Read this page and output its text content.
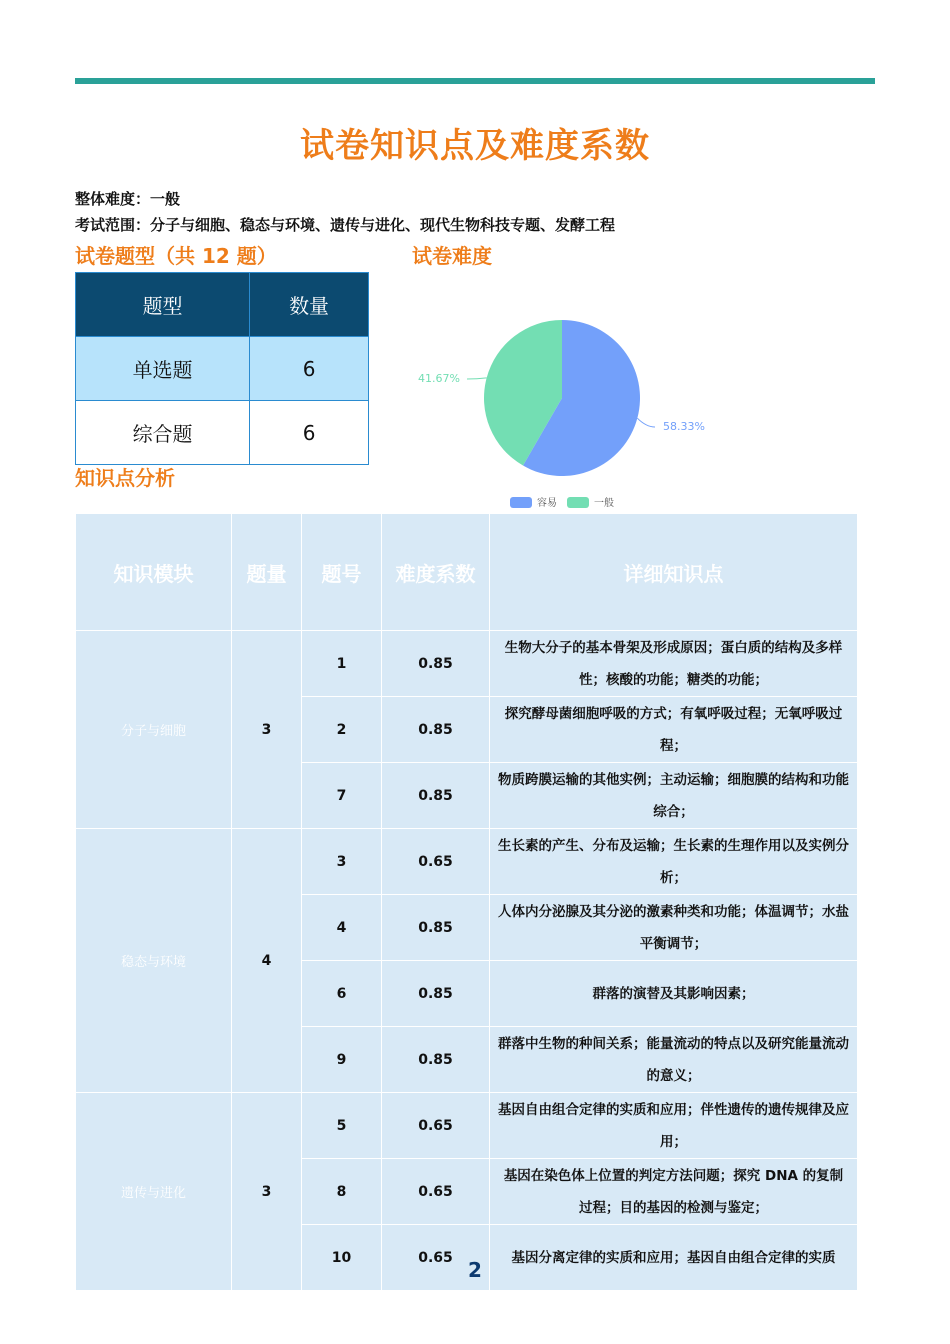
试卷知识点及难度系数
整体难度：一般
考试范围：分子与细胞、稳态与环境、遗传与进化、现代生物科技专题、发酵工程
试卷题型（共 12 题）	试卷难度
题型	数量
单选题	6
综合题	6	58.33%
41.67%
容易	一般
知识点分析
知识模块	题量	题号	难度系数	详细知识点
分子与细胞	3	1	0.85	生物大分子的基本骨架及形成原因；蛋白质的结构及多样性；核酸的功能；糖类的功能；
		2	0.85	探究酵母菌细胞呼吸的方式；有氧呼吸过程；无氧呼吸过程；
		7	0.85	物质跨膜运输的其他实例；主动运输；细胞膜的结构和功能综合；
稳态与环境	4	3	0.65	生长素的产生、分布及运输；生长素的生理作用以及实例分析；
		4	0.85	人体内分泌腺及其分泌的激素种类和功能；体温调节；水盐平衡调节；
		6	0.85	群落的演替及其影响因素；
		9	0.85	群落中生物的种间关系；能量流动的特点以及研究能量流动的意义；
遗传与进化	3	5	0.65	基因自由组合定律的实质和应用；伴性遗传的遗传规律及应用；
		8	0.65	基因在染色体上位置的判定方法问题；探究 DNA 的复制过程；目的基因的检测与鉴定；
		10	0.65	基因分离定律的实质和应用；基因自由组合定律的实质
2
